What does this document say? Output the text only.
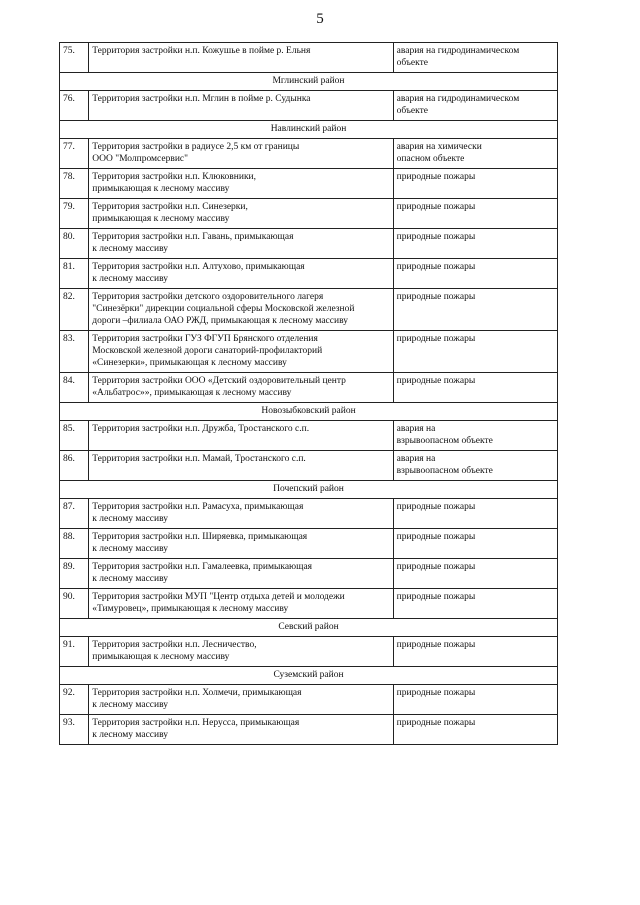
5
75.	Территория застройки н.п. Кожушье в пойме р. Ельня	авария на гидродинамическом
объекте

Мглинский район		
76.	Территория застройки н.п. Мглин в пойме р. Судынка	авария на гидродинамическом
объекте

Навлинский район		
77.	Территория застройки в радиусе 2,5 км от границы
ООО "Молпромсервис"	авария на химически
опасном объекте

78.	Территория застройки н.п. Клюковники,
примыкающая к лесному массиву	природные пожары

79.	Территория застройки н.п. Синезерки,
примыкающая к лесному массиву	природные пожары

80.	Территория застройки н.п. Гавань, примыкающая
к лесному массиву	природные пожары

81.	Территория застройки н.п. Алтухово, примыкающая
к лесному массиву	природные пожары

82.	Территория застройки детского оздоровительного лагеря
"Синезёрки" дирекции социальной сферы Московской железной
дороги –филиала ОАО РЖД, примыкающая к лесному массиву	природные пожары

83.	Территория застройки ГУЗ ФГУП Брянского отделения
Московской железной дороги санаторий-профилакторий
«Синезерки», примыкающая к лесному массиву	природные пожары

84.	Территория застройки ООО «Детский оздоровительный центр
«Альбатрос»», примыкающая к лесному массиву	природные пожары

Новозыбковский район		
85.	Территория застройки н.п. Дружба, Тростанского с.п.	авария на
взрывоопасном объекте

86.	Территория застройки н.п. Мамай, Тростанского с.п.	авария на
взрывоопасном объекте

Почепский район		
87.	Территория застройки н.п. Рамасуха, примыкающая
к лесному массиву	природные пожары

88.	Территория застройки н.п. Ширяевка, примыкающая
к лесному массиву	природные пожары

89.	Территория застройки н.п. Гамалеевка, примыкающая
к лесному массиву	природные пожары

90.	Территория застройки МУП "Центр отдыха детей и молодежи
«Тимуровец», примыкающая к лесному массиву	природные пожары

Севский район		
91.	Территория застройки н.п. Лесничество,
примыкающая к лесному массиву	природные пожары

Суземский район		
92.	Территория застройки н.п. Холмечи, примыкающая
к лесному массиву	природные пожары

93.	Территория застройки н.п. Нерусса, примыкающая
к лесному массиву	природные пожары
